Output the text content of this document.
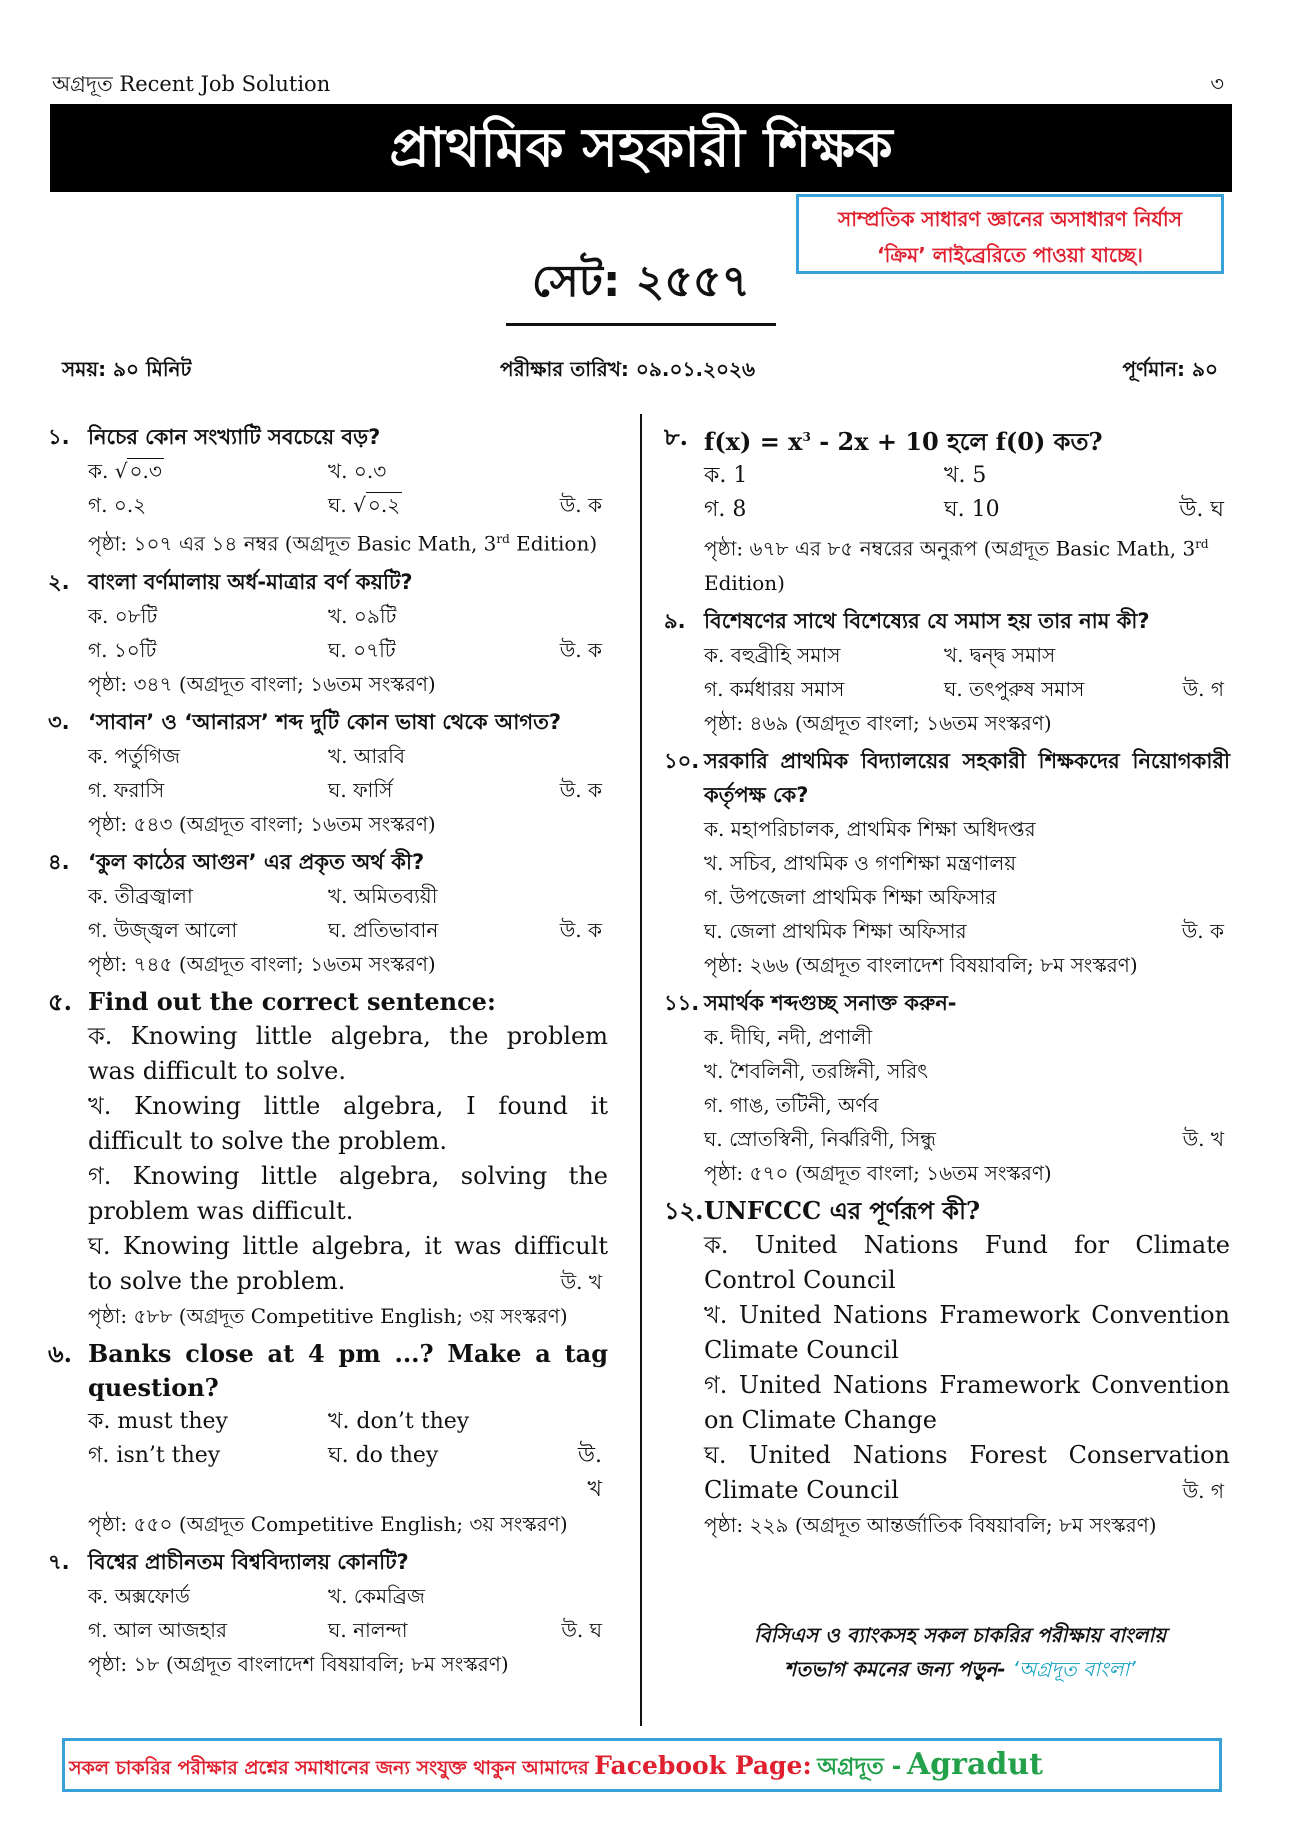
অগ্রদূত Recent Job Solution	৩
প্রাথমিক সহকারী শিক্ষক
সাম্প্রতিক সাধারণ জ্ঞানের অসাধারণ নির্যাস
‘ক্রিম’ লাইব্রেরিতে পাওয়া যাচ্ছে।
সেট: ২৫৫৭
সময়: ৯০ মিনিট	পরীক্ষার তারিখ: ০৯.০১.২০২৬	পূর্ণমান: ৯০
১. নিচের কোন সংখ্যাটি সবচেয়ে বড়?
ক. √ ০.৩	খ. ০.৩
গ. ০.২	ঘ. √ ০.২	উ. ক
পৃষ্ঠা: ১০৭ এর ১৪ নম্বর (অগ্রদূত Basic Math, 3rd Edition)
২. বাংলা বর্ণমালায় অর্ধ-মাত্রার বর্ণ কয়টি?
ক. ০৮টি	খ. ০৯টি
গ. ১০টি	ঘ. ০৭টি	উ. ক
পৃষ্ঠা: ৩৪৭ (অগ্রদূত বাংলা; ১৬তম সংস্করণ)
৩. ‘সাবান’ ও ‘আনারস’ শব্দ দুটি কোন ভাষা থেকে আগত?
ক. পর্তুগিজ	খ. আরবি
গ. ফরাসি	ঘ. ফার্সি	উ. ক
পৃষ্ঠা: ৫৪৩ (অগ্রদূত বাংলা; ১৬তম সংস্করণ)
৪. ‘কুল কাঠের আগুন’ এর প্রকৃত অর্থ কী?
ক. তীব্রজ্বালা	খ. অমিতব্যয়ী
গ. উজ্জ্বল আলো	ঘ. প্রতিভাবান	উ. ক
পৃষ্ঠা: ৭৪৫ (অগ্রদূত বাংলা; ১৬তম সংস্করণ)
৫. Find out the correct sentence:
ক. Knowing little algebra, the problem was difficult to solve.
খ. Knowing little algebra, I found it difficult to solve the problem.
গ. Knowing little algebra, solving the problem was difficult.
ঘ. Knowing little algebra, it was difficult to solve the problem.	উ. খ
পৃষ্ঠা: ৫৮৮ (অগ্রদূত Competitive English; ৩য় সংস্করণ)
৬. Banks close at 4 pm ...? Make a tag question?
ক. must they	খ. don’t they
গ. isn’t they	ঘ. do they	উ. খ
পৃষ্ঠা: ৫৫০ (অগ্রদূত Competitive English; ৩য় সংস্করণ)
৭. বিশ্বের প্রাচীনতম বিশ্ববিদ্যালয় কোনটি?
ক. অক্সফোর্ড	খ. কেমব্রিজ
গ. আল আজহার	ঘ. নালন্দা	উ. ঘ
পৃষ্ঠা: ১৮ (অগ্রদূত বাংলাদেশ বিষয়াবলি; ৮ম সংস্করণ)
৮. $f(x) = x^3 - 2x + 10$ হলে f(0) কত?
ক. 1	খ. 5
গ. 8	ঘ. 10	উ. ঘ
পৃষ্ঠা: ৬৭৮ এর ৮৫ নম্বরের অনুরূপ (অগ্রদূত Basic Math, 3rd Edition)
৯. বিশেষণের সাথে বিশেষ্যের যে সমাস হয় তার নাম কী?
ক. বহুব্রীহি সমাস	খ. দ্বন্দ্ব সমাস
গ. কর্মধারয় সমাস	ঘ. তৎপুরুষ সমাস	উ. গ
পৃষ্ঠা: ৪৬৯ (অগ্রদূত বাংলা; ১৬তম সংস্করণ)
১০. সরকারি প্রাথমিক বিদ্যালয়ের সহকারী শিক্ষকদের নিয়োগকারী কর্তৃপক্ষ কে?
ক. মহাপরিচালক, প্রাথমিক শিক্ষা অধিদপ্তর
খ. সচিব, প্রাথমিক ও গণশিক্ষা মন্ত্রণালয়
গ. উপজেলা প্রাথমিক শিক্ষা অফিসার
ঘ. জেলা প্রাথমিক শিক্ষা অফিসার	উ. ক
পৃষ্ঠা: ২৬৬ (অগ্রদূত বাংলাদেশ বিষয়াবলি; ৮ম সংস্করণ)
১১. সমার্থক শব্দগুচ্ছ সনাক্ত করুন-
ক. দীঘি, নদী, প্রণালী
খ. শৈবলিনী, তরঙ্গিনী, সরিৎ
গ. গাঙ, তটিনী, অর্ণব
ঘ. স্রোতস্বিনী, নির্ঝরিণী, সিন্ধু	উ. খ
পৃষ্ঠা: ৫৭০ (অগ্রদূত বাংলা; ১৬তম সংস্করণ)
১২. UNFCCC এর পূর্ণরূপ কী?
ক. United Nations Fund for Climate Control Council
খ. United Nations Framework Convention Climate Council
গ. United Nations Framework Convention on Climate Change
ঘ. United Nations Forest Conservation Climate Council	উ. গ
পৃষ্ঠা: ২২৯ (অগ্রদূত আন্তর্জাতিক বিষয়াবলি; ৮ম সংস্করণ)
বিসিএস ও ব্যাংকসহ সকল চাকরির পরীক্ষায় বাংলায়
শতভাগ কমনের জন্য পড়ুন- ‘অগ্রদূত বাংলা’
সকল চাকরির পরীক্ষার প্রশ্নের সমাধানের জন্য সংযুক্ত থাকুন আমাদের Facebook Page: অগ্রদূত - Agradut
